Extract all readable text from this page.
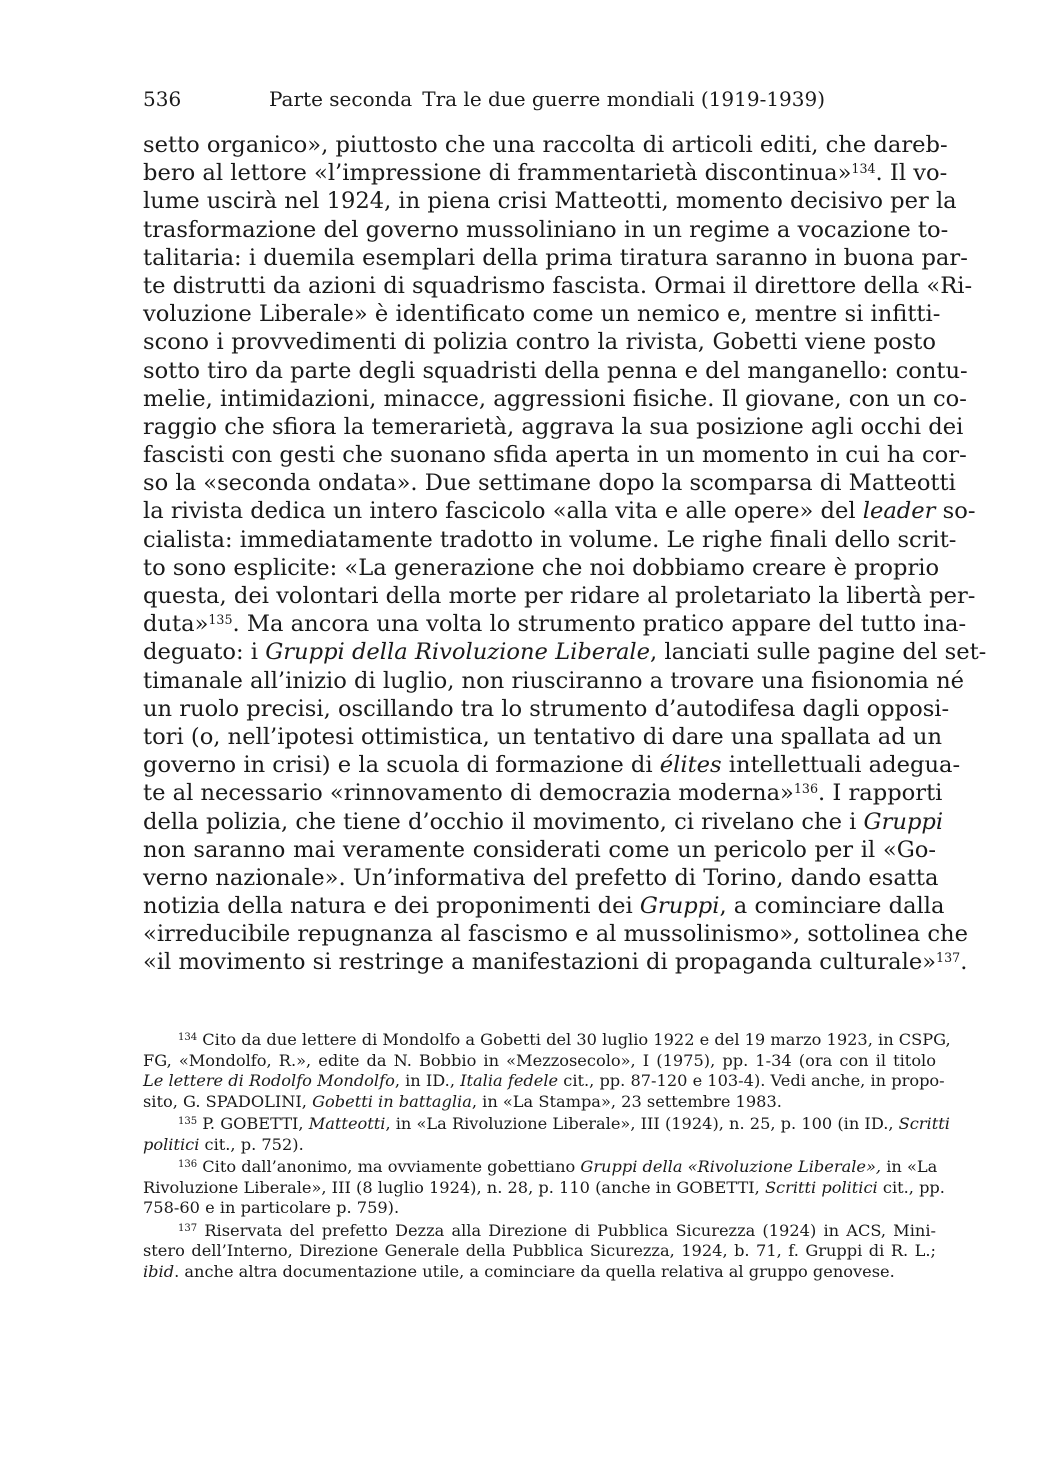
536	Parte seconda Tra le due guerre mondiali (1919-1939)
setto organico», piuttosto che una raccolta di articoli editi, che dareb-
bero al lettore «l’impressione di frammentarietà discontinua»$^{134}$. Il vo-
lume uscirà nel 1924, in piena crisi Matteotti, momento decisivo per la
trasformazione del governo mussoliniano in un regime a vocazione to-
talitaria: i duemila esemplari della prima tiratura saranno in buona par-
te distrutti da azioni di squadrismo fascista. Ormai il direttore della «Ri-
voluzione Liberale» è identificato come un nemico e, mentre si infitti-
scono i provvedimenti di polizia contro la rivista, Gobetti viene posto
sotto tiro da parte degli squadristi della penna e del manganello: contu-
melie, intimidazioni, minacce, aggressioni fisiche. Il giovane, con un co-
raggio che sfiora la temerarietà, aggrava la sua posizione agli occhi dei
fascisti con gesti che suonano sfida aperta in un momento in cui ha cor-
so la «seconda ondata». Due settimane dopo la scomparsa di Matteotti
la rivista dedica un intero fascicolo «alla vita e alle opere» del leader so-
cialista: immediatamente tradotto in volume. Le righe finali dello scrit-
to sono esplicite: «La generazione che noi dobbiamo creare è proprio
questa, dei volontari della morte per ridare al proletariato la libertà per-
duta»$^{135}$. Ma ancora una volta lo strumento pratico appare del tutto ina-
deguato: i Gruppi della Rivoluzione Liberale, lanciati sulle pagine del set-
timanale all’inizio di luglio, non riusciranno a trovare una fisionomia né
un ruolo precisi, oscillando tra lo strumento d’autodifesa dagli opposi-
tori (o, nell’ipotesi ottimistica, un tentativo di dare una spallata ad un
governo in crisi) e la scuola di formazione di élites intellettuali adegua-
te al necessario «rinnovamento di democrazia moderna»$^{136}$. I rapporti
della polizia, che tiene d’occhio il movimento, ci rivelano che i Gruppi
non saranno mai veramente considerati come un pericolo per il «Go-
verno nazionale». Un’informativa del prefetto di Torino, dando esatta
notizia della natura e dei proponimenti dei Gruppi, a cominciare dalla
«irreducibile repugnanza al fascismo e al mussolinismo», sottolinea che
«il movimento si restringe a manifestazioni di propaganda culturale»$^{137}$.
$^{134}$ Cito da due lettere di Mondolfo a Gobetti del 30 luglio 1922 e del 19 marzo 1923, in CSPG,
FG, «Mondolfo, R.», edite da N. Bobbio in «Mezzosecolo», I (1975), pp. 1-34 (ora con il titolo
Le lettere di Rodolfo Mondolfo, in ID., Italia fedele cit., pp. 87-120 e 103-4). Vedi anche, in propo-
sito, G. SPADOLINI, Gobetti in battaglia, in «La Stampa», 23 settembre 1983.
$^{135}$ P. GOBETTI, Matteotti, in «La Rivoluzione Liberale», III (1924), n. 25, p. 100 (in ID., Scritti
politici cit., p. 752).
$^{136}$ Cito dall’anonimo, ma ovviamente gobettiano Gruppi della «Rivoluzione Liberale», in «La
Rivoluzione Liberale», III (8 luglio 1924), n. 28, p. 110 (anche in GOBETTI, Scritti politici cit., pp.
758-60 e in particolare p. 759).
$^{137}$ Riservata del prefetto Dezza alla Direzione di Pubblica Sicurezza (1924) in ACS, Mini-
stero dell’Interno, Direzione Generale della Pubblica Sicurezza, 1924, b. 71, f. Gruppi di R. L.;
ibid. anche altra documentazione utile, a cominciare da quella relativa al gruppo genovese.
